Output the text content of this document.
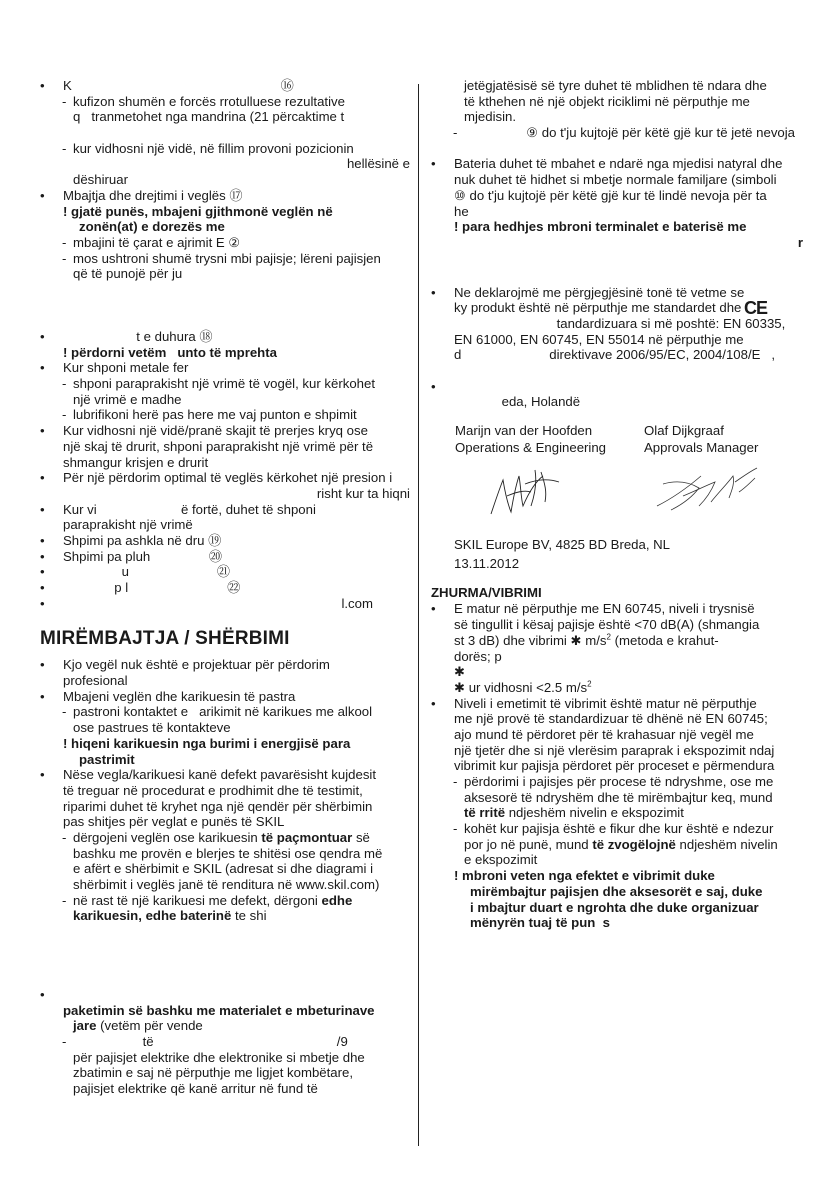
• K                                                         ⑯
- kufizon shumën e forcës rrotulluese rezultative
q   tranmetohet nga mandrina (21 përcaktime t
- kur vidhosni një vidë, në fillim provoni pozicionin
hellësinë e
dëshiruar
• Mbajtja dhe drejtimi i veglës ⑰
! gjatë punës, mbajeni gjithmonë veglën në
zonën(at) e dorezës me
- mbajini të çarat e ajrimit E ②
- mos ushtroni shumë trysni mbi pajisje; lëreni pajisjen
që të punojë për ju
•                     t e duhura ⑱
! përdorni vetëm   unto të mprehta
• Kur shponi metale fer
- shponi paraprakisht një vrimë të vogël, kur kërkohet
një vrimë e madhe
- lubrifikoni herë pas here me vaj punton e shpimit
• Kur vidhosni një vidë/pranë skajit të prerjes kryq ose
një skaj të drurit, shponi paraprakisht një vrimë për të
shmangur krisjen e drurit
• Për një përdorim optimal të veglës kërkohet një presion i
risht kur ta hiqni
• Kur vi                       ë fortë, duhet të shponi
paraprakisht një vrimë
• Shpimi pa ashkla në dru ⑲
• Shpimi pa pluh                ⑳
•                 u                        ㉑
•               p l                           ㉒
•                                                                             l.com
MIRËMBAJTJA / SHËRBIMI
• Kjo vegël nuk është e projektuar për përdorim
profesional
• Mbajeni veglën dhe karikuesin të pastra
- pastroni kontaktet e   arikimit në karikues me alkool
ose pastrues të kontakteve
! hiqeni karikuesin nga burimi i energjisë para
pastrimit
• Nëse vegla/karikuesi kanë defekt pavarësisht kujdesit
të treguar në procedurat e prodhimit dhe të testimit,
riparimi duhet të kryhet nga një qendër për shërbimin
pas shitjes për veglat e punës të SKIL
- dërgojeni veglën ose karikuesin të paçmontuar së
bashku me provën e blerjes te shitësi ose qendra më
e afërt e shërbimit e SKIL (adresat si dhe diagrami i
shërbimit i veglës janë të renditura në www.skil.com)
- në rast të një karikuesi me defekt, dërgoni edhe
karikuesin, edhe baterinë te shi
•
paketimin së bashku me materialet e mbeturinave
jare (vetëm për vende
-                    të                                                  /9
për pajisjet elektrike dhe elektronike si mbetje dhe
zbatimin e saj në përputhje me ligjet kombëtare,
pajisjet elektrike që kanë arritur në fund të
jetëgjatësisë së tyre duhet të mblidhen të ndara dhe
të kthehen në një objekt riciklimi në përputhje me
mjedisin.
-                  ⑨ do t'ju kujtojë për këtë gjë kur të jetë nevoja
• Bateria duhet të mbahet e ndarë nga mjedisi natyral dhe
nuk duhet të hidhet si mbetje normale familjare (simboli
⑩ do t'ju kujtojë për këtë gjë kur të lindë nevoja për ta
he
! para hedhjes mbroni terminalet e baterisë me
r
• Ne deklarojmë me përgjegjësinë tonë të vetme se
ky produkt është në përputhje me standardet dhe
tandardizuara si më poshtë: EN 60335,
EN 61000, EN 60745, EN 55014 në përputhje me
d                        direktivave 2006/95/EC, 2004/108/E   ,
•
eda, Holandë
Marijn van der Hoofden
Operations & Engineering
Olaf Dijkgraaf
Approvals Manager
SKIL Europe BV, 4825 BD Breda, NL
13.11.2012
ZHURMA/VIBRIMI
• E matur në përputhje me EN 60745, niveli i trysnisë
së tingullit i kësaj pajisje është <70 dB(A) (shmangia
st 3 dB) dhe vibrimi ✱ $m/s^2$ (metoda e krahut-
dorës; p
✱
✱ ur vidhosni <2.5 $m/s^2$
• Niveli i emetimit të vibrimit është matur në përputhje
me një provë të standardizuar të dhënë në EN 60745;
ajo mund të përdoret për të krahasuar një vegël me
një tjetër dhe si një vlerësim paraprak i ekspozimit ndaj
vibrimit kur pajisja përdoret për proceset e përmendura
- përdorimi i pajisjes për procese të ndryshme, ose me
aksesorë të ndryshëm dhe të mirëmbajtur keq, mund
të rritë ndjeshëm nivelin e ekspozimit
- kohët kur pajisja është e fikur dhe kur është e ndezur
por jo në punë, mund të zvogëlojnë ndjeshëm nivelin
e ekspozimit
! mbroni veten nga efektet e vibrimit duke
mirëmbajtur pajisjen dhe aksesorët e saj, duke
i mbajtur duart e ngrohta dhe duke organizuar
mënyrën tuaj të pun  s
CE
